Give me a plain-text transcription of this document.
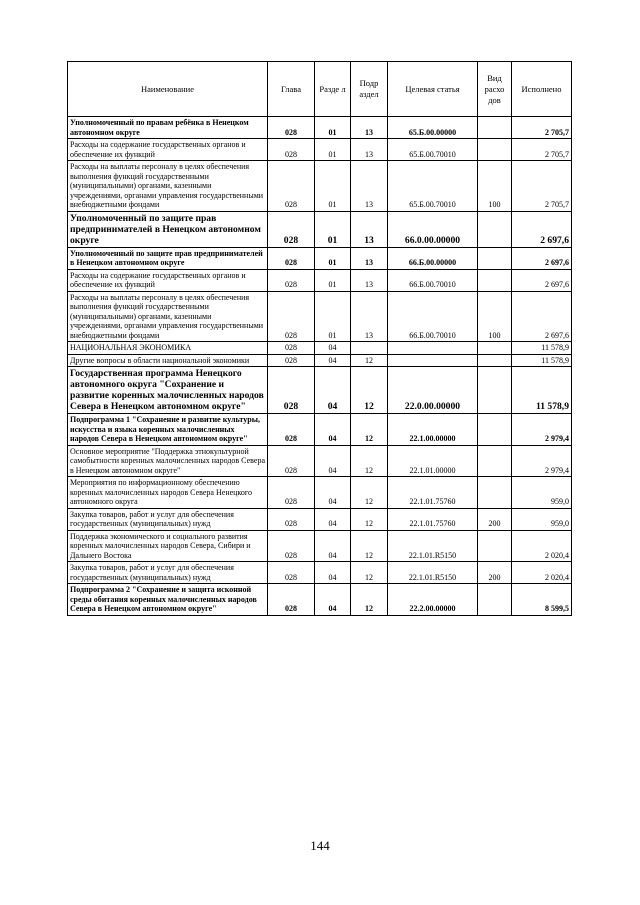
Наименование	Глава	Разде л	Подр аздел	Целевая статья	Вид расхо дов	Исполнено
Уполномоченный по правам ребёнка в Ненецком автономном округе	028	01	13	65.Б.00.00000		2 705,7
Расходы на содержание государственных органов и обеспечение их функций	028	01	13	65.Б.00.70010		2 705,7
Расходы на выплаты персоналу в целях обеспечения выполнения функций государственными (муниципальными) органами, казенными учреждениями, органами управления государственными внебюджетными фондами	028	01	13	65.Б.00.70010	100	2 705,7
Уполномоченный по защите прав предпринимателей в Ненецком автономном округе	028	01	13	66.0.00.00000		2 697,6
Уполномоченный по защите прав предпринимателей в Ненецком автономном округе	028	01	13	66.Б.00.00000		2 697,6
Расходы на содержание государственных органов и обеспечение их функций	028	01	13	66.Б.00.70010		2 697,6
Расходы на выплаты персоналу в целях обеспечения выполнения функций государственными (муниципальными) органами, казенными учреждениями, органами управления государственными внебюджетными фондами	028	01	13	66.Б.00.70010	100	2 697,6
НАЦИОНАЛЬНАЯ ЭКОНОМИКА	028	04				11 578,9
Другие вопросы в области национальной экономики	028	04	12			11 578,9
Государственная программа Ненецкого автономного округа "Сохранение и развитие коренных малочисленных народов Севера в Ненецком автономном округе"	028	04	12	22.0.00.00000		11 578,9
Подпрограмма 1 "Сохранение и развитие культуры, искусства и языка коренных малочисленных народов Севера в Ненецком автономном округе"	028	04	12	22.1.00.00000		2 979,4
Основное мероприятие "Поддержка этнокультурной самобытности коренных малочисленных народов Севера в Ненецком автономном округе"	028	04	12	22.1.01.00000		2 979,4
Мероприятия по информационному обеспечению коренных малочисленных народов Севера Ненецкого автономного округа	028	04	12	22.1.01.75760		959,0
Закупка товаров, работ и услуг для обеспечения государственных (муниципальных) нужд	028	04	12	22.1.01.75760	200	959,0
Поддержка экономического и социального развития коренных малочисленных народов Севера, Сибири и Дальнего Востока	028	04	12	22.1.01.R5150		2 020,4
Закупка товаров, работ и услуг для обеспечения государственных (муниципальных) нужд	028	04	12	22.1.01.R5150	200	2 020,4
Подпрограмма 2 "Сохранение и защита исконной среды обитания коренных малочисленных народов Севера в Ненецком автономном округе"	028	04	12	22.2.00.00000		8 599,5
144
